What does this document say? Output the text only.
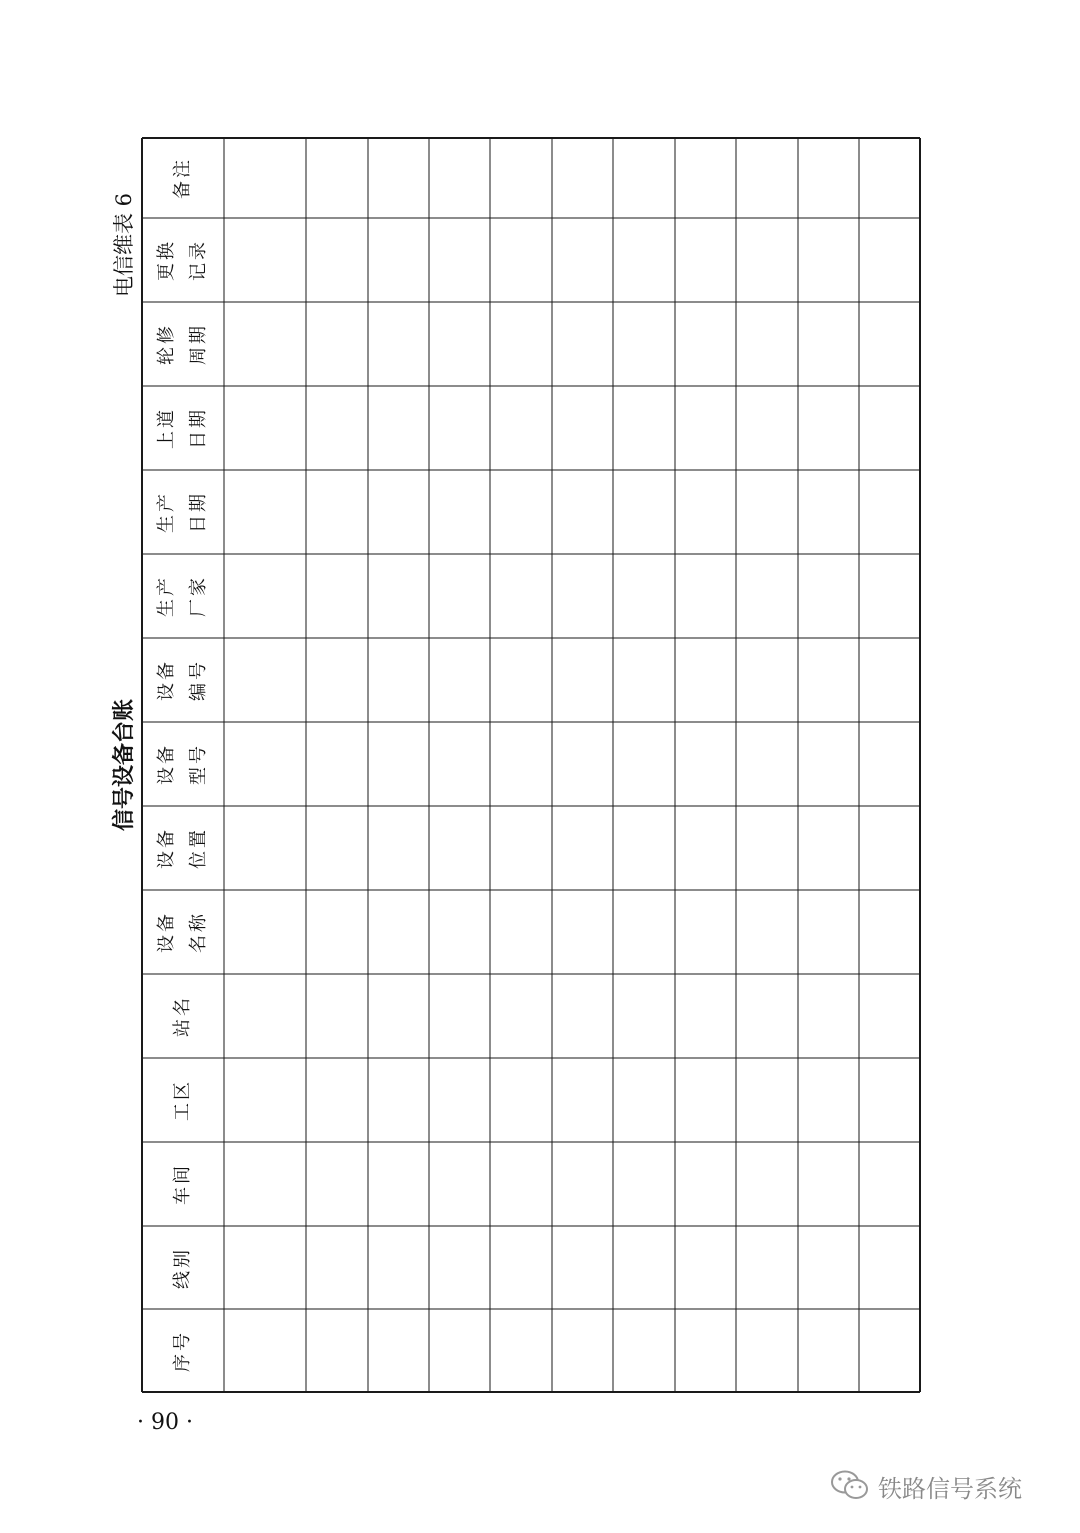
电信维表 6
信号设备台账
备注
更换 记录
轮修 周期
上道 日期
生产 日期
生产 厂家
设备 编号
设备 型号
设备 位置
设备 名称
站名
工区
车间
线别
序号
· 90 ·
铁路信号系统
